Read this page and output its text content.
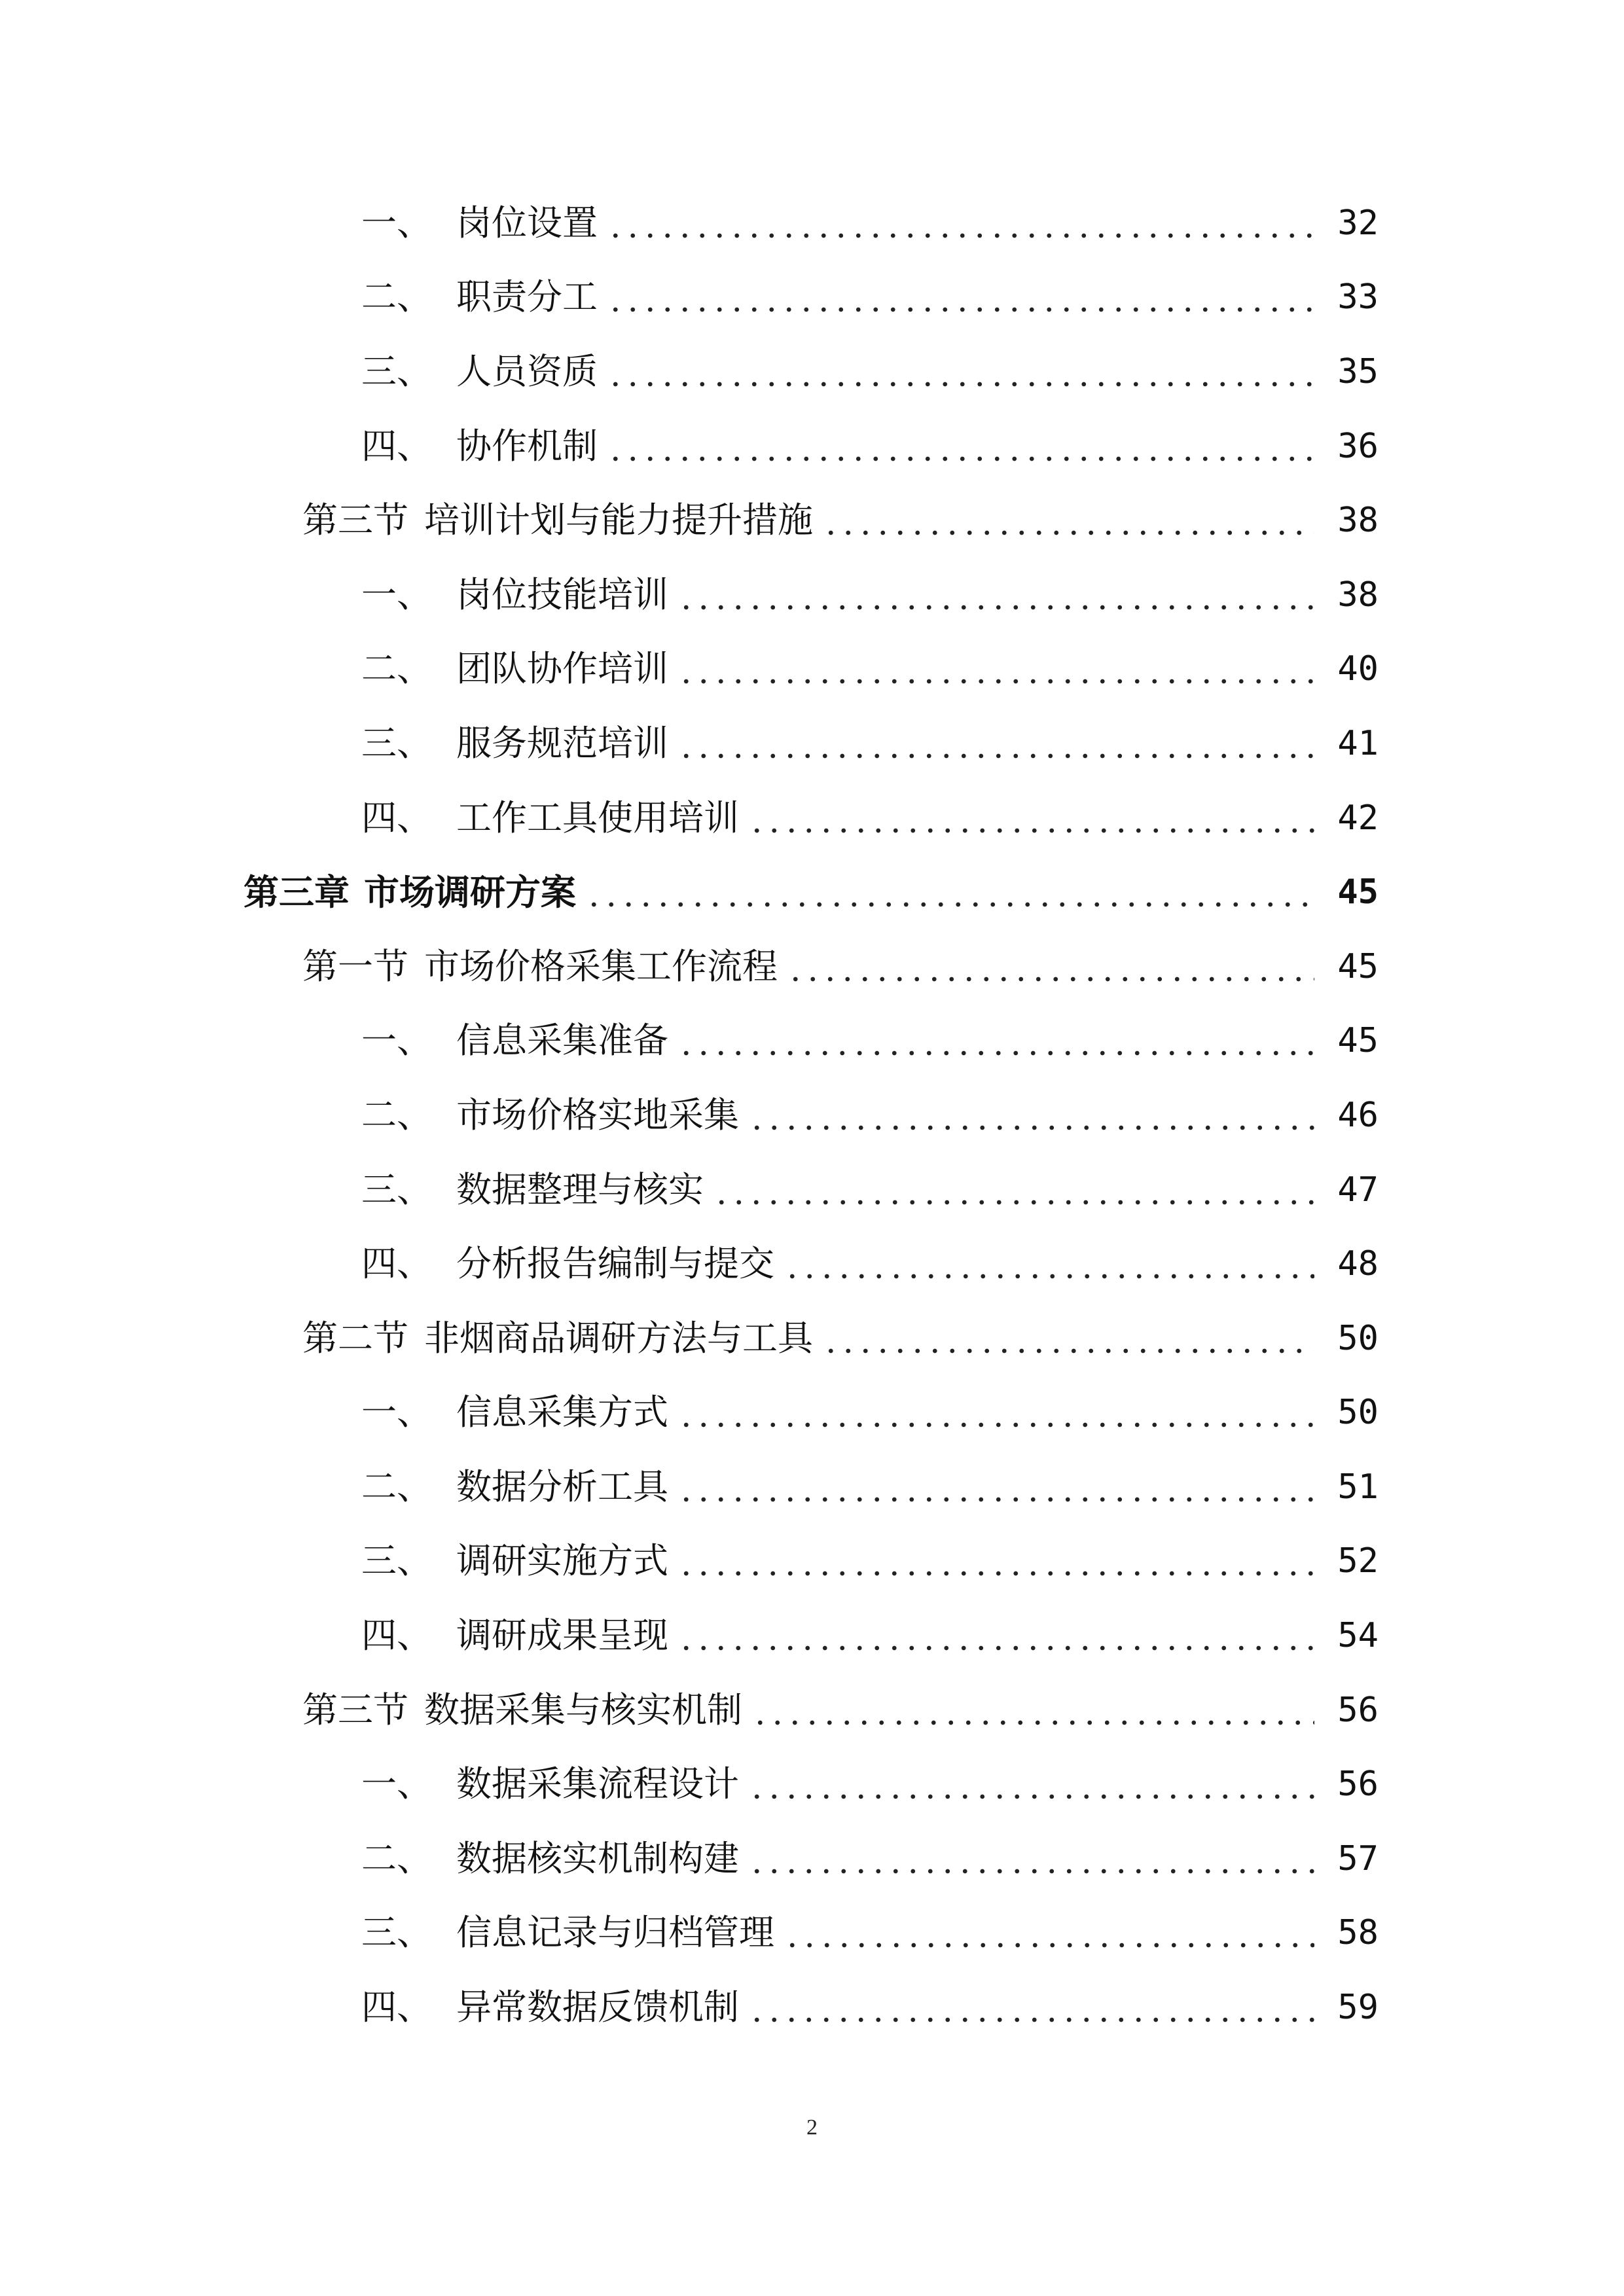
一、 岗位设置	32
二、 职责分工	33
三、 人员资质	35
四、 协作机制	36
第三节 培训计划与能力提升措施	38
一、 岗位技能培训	38
二、 团队协作培训	40
三、 服务规范培训	41
四、 工作工具使用培训	42
第三章 市场调研方案	45
第一节 市场价格采集工作流程	45
一、 信息采集准备	45
二、 市场价格实地采集	46
三、 数据整理与核实	47
四、 分析报告编制与提交	48
第二节 非烟商品调研方法与工具	50
一、 信息采集方式	50
二、 数据分析工具	51
三、 调研实施方式	52
四、 调研成果呈现	54
第三节 数据采集与核实机制	56
一、 数据采集流程设计	56
二、 数据核实机制构建	57
三、 信息记录与归档管理	58
四、 异常数据反馈机制	59
2
